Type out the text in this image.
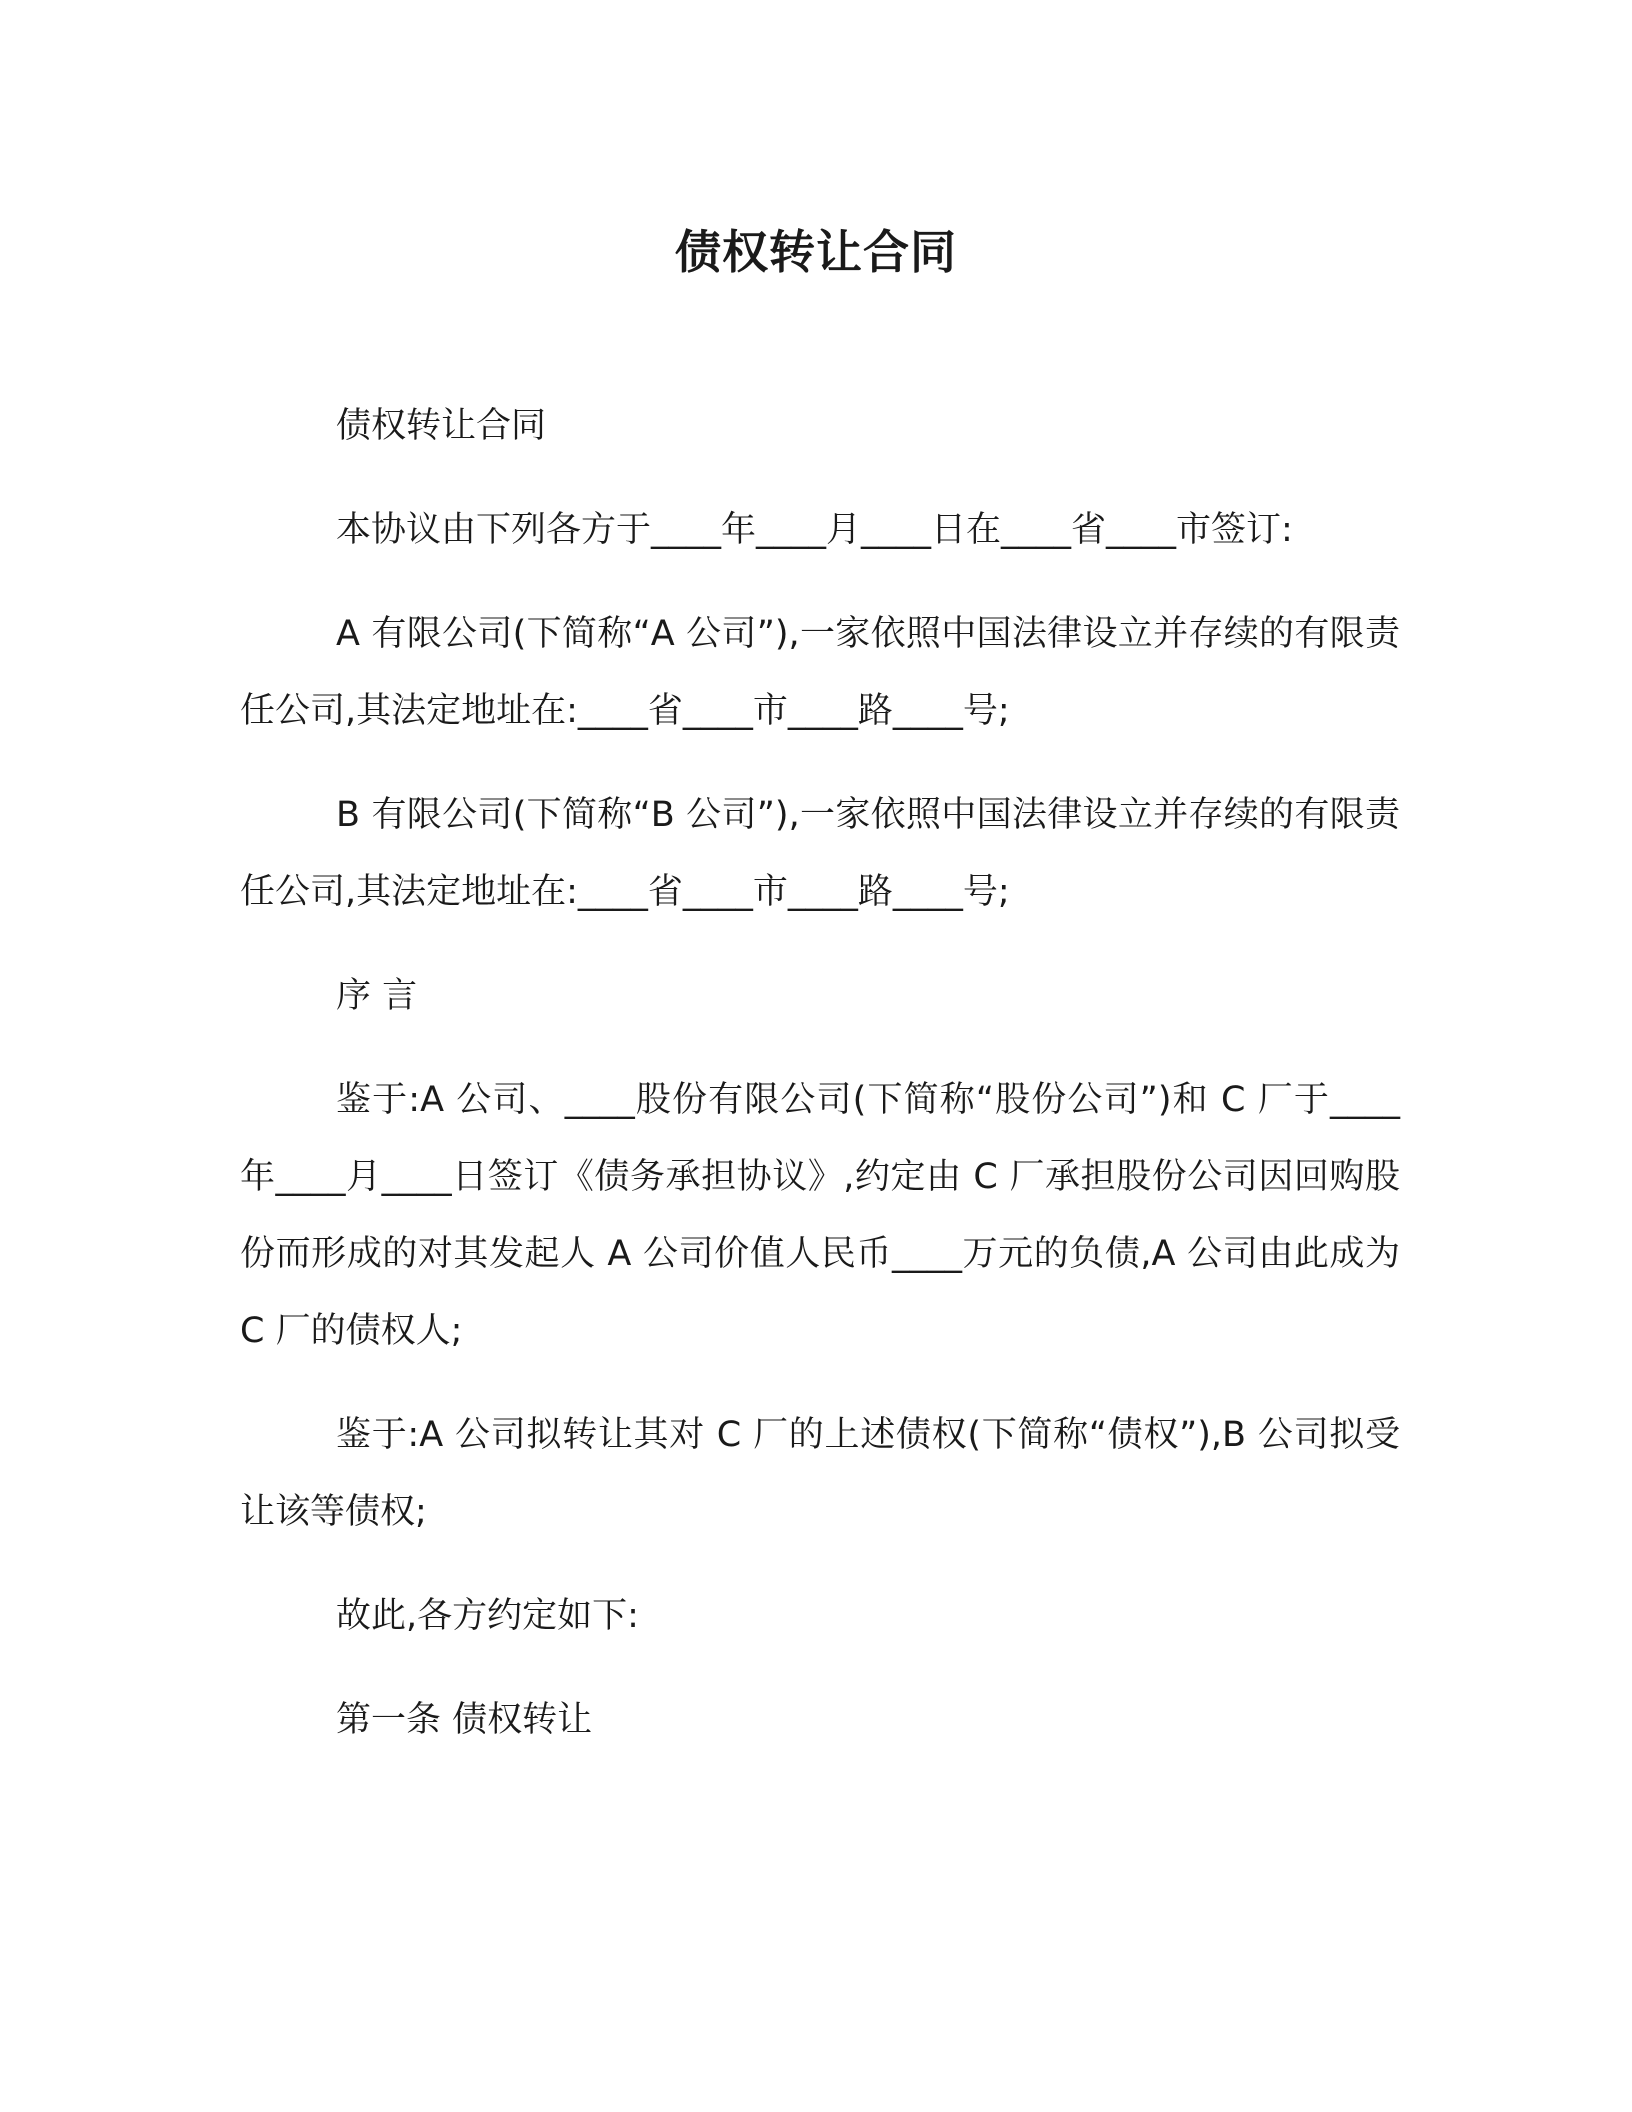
债权转让合同

债权转让合同

本协议由下列各方于____年____月____日在____省____市签订:

A 有限公司(下简称“A 公司”),一家依照中国法律设立并存续的有限责任公司,其法定地址在:____省____市____路____号;

B 有限公司(下简称“B 公司”),一家依照中国法律设立并存续的有限责任公司,其法定地址在:____省____市____路____号;

序 言

鉴于:A 公司、____股份有限公司(下简称“股份公司”)和 C 厂于____年____月____日签订《债务承担协议》,约定由 C 厂承担股份公司因回购股份而形成的对其发起人 A 公司价值人民币____万元的负债,A 公司由此成为 C 厂的债权人;

鉴于:A 公司拟转让其对 C 厂的上述债权(下简称“债权”),B 公司拟受让该等债权;

故此,各方约定如下:

第一条 债权转让
